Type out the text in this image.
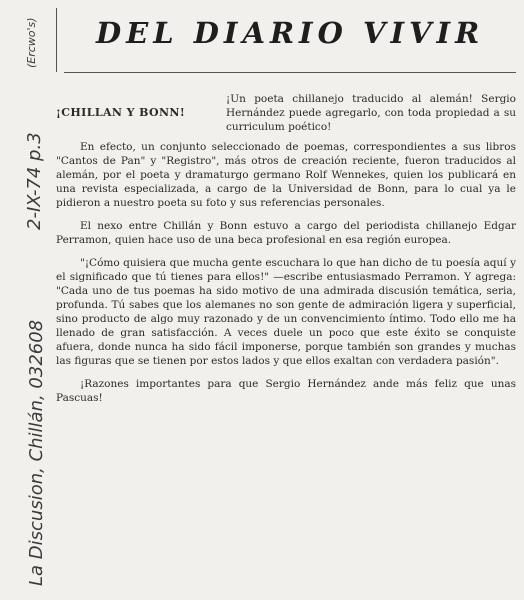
DEL DIARIO VIVIR
(Ercwo's)
2-IX-74 p.3
La Discusion, Chillán, 032608
¡CHILLAN Y BONN!
¡Un poeta chillanejo traducido al alemán! Sergio Hernández puede agregarlo, con toda propiedad a su curriculum poético!

En efecto, un conjunto seleccionado de poemas, correspondientes a sus libros "Cantos de Pan" y "Registro", más otros de creación reciente, fueron traducidos al alemán, por el poeta y dramaturgo germano Rolf Wennekes, quien los publicará en una revista especializada, a cargo de la Universidad de Bonn, para lo cual ya le pidieron a nuestro poeta su foto y sus referencias personales.

El nexo entre Chillán y Bonn estuvo a cargo del periodista chillanejo Edgar Perramon, quien hace uso de una beca profesional en esa región europea.

"¡Cómo quisiera que mucha gente escuchara lo que han dicho de tu poesía aquí y el significado que tú tienes para ellos!" —escribe entusiasmado Perramon. Y agrega: "Cada uno de tus poemas ha sido motivo de una admirada discusión temática, seria, profunda. Tú sabes que los alemanes no son gente de admiración ligera y superficial, sino producto de algo muy razonado y de un convencimiento íntimo. Todo ello me ha llenado de gran satisfacción. A veces duele un poco que este éxito se conquiste afuera, donde nunca ha sido fácil imponerse, porque también son grandes y muchas las figuras que se tienen por estos lados y que ellos exaltan con verdadera pasión".

¡Razones importantes para que Sergio Hernández ande más feliz que unas Pascuas!
